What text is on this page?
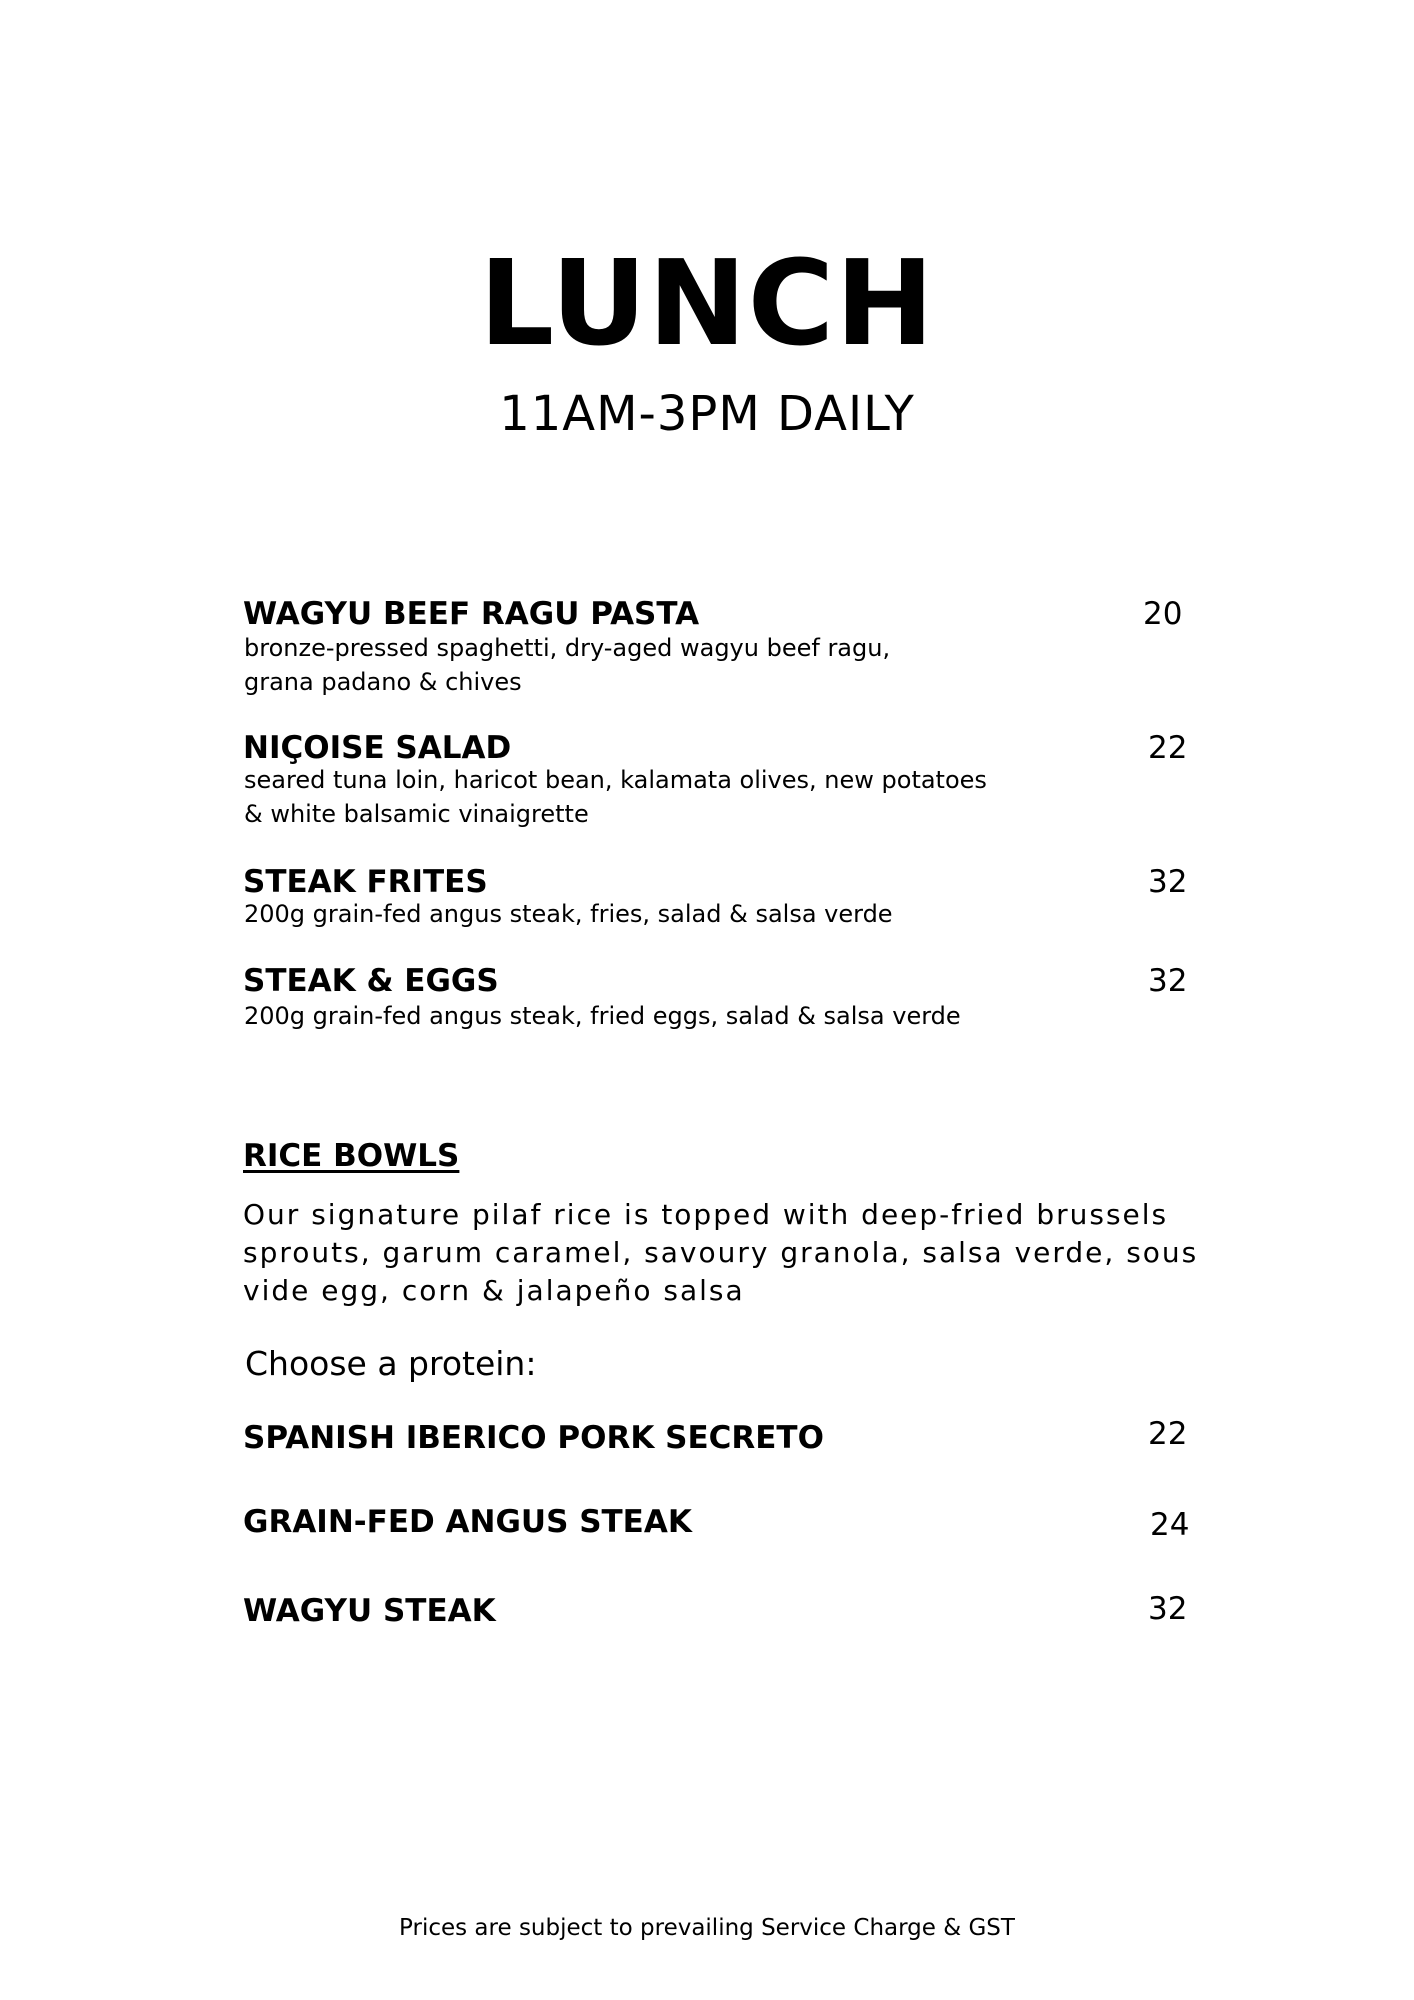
LUNCH
11AM-3PM DAILY
WAGYU BEEF RAGU PASTA	20
bronze-pressed spaghetti, dry-aged wagyu beef ragu,
grana padano & chives
NIÇOISE SALAD	22
seared tuna loin, haricot bean, kalamata olives, new potatoes
& white balsamic vinaigrette
STEAK FRITES	32
200g grain-fed angus steak, fries, salad & salsa verde
STEAK & EGGS	32
200g grain-fed angus steak, fried eggs, salad & salsa verde
RICE BOWLS
Our signature pilaf rice is topped with deep-fried brussels
sprouts, garum caramel, savoury granola, salsa verde, sous
vide egg, corn & jalapeño salsa
Choose a protein:
SPANISH IBERICO PORK SECRETO	22
GRAIN-FED ANGUS STEAK	24
WAGYU STEAK	32
Prices are subject to prevailing Service Charge & GST
